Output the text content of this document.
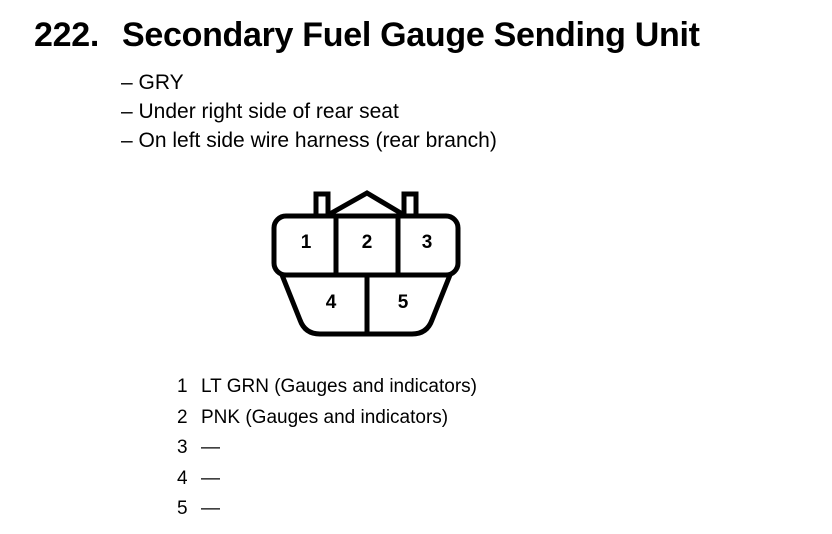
222. Secondary Fuel Gauge Sending Unit
– GRY
– Under right side of rear seat
– On left side wire harness (rear branch)
1	2	3
4	5
1 LT GRN (Gauges and indicators)
2 PNK (Gauges and indicators)
3 —
4 —
5 —
